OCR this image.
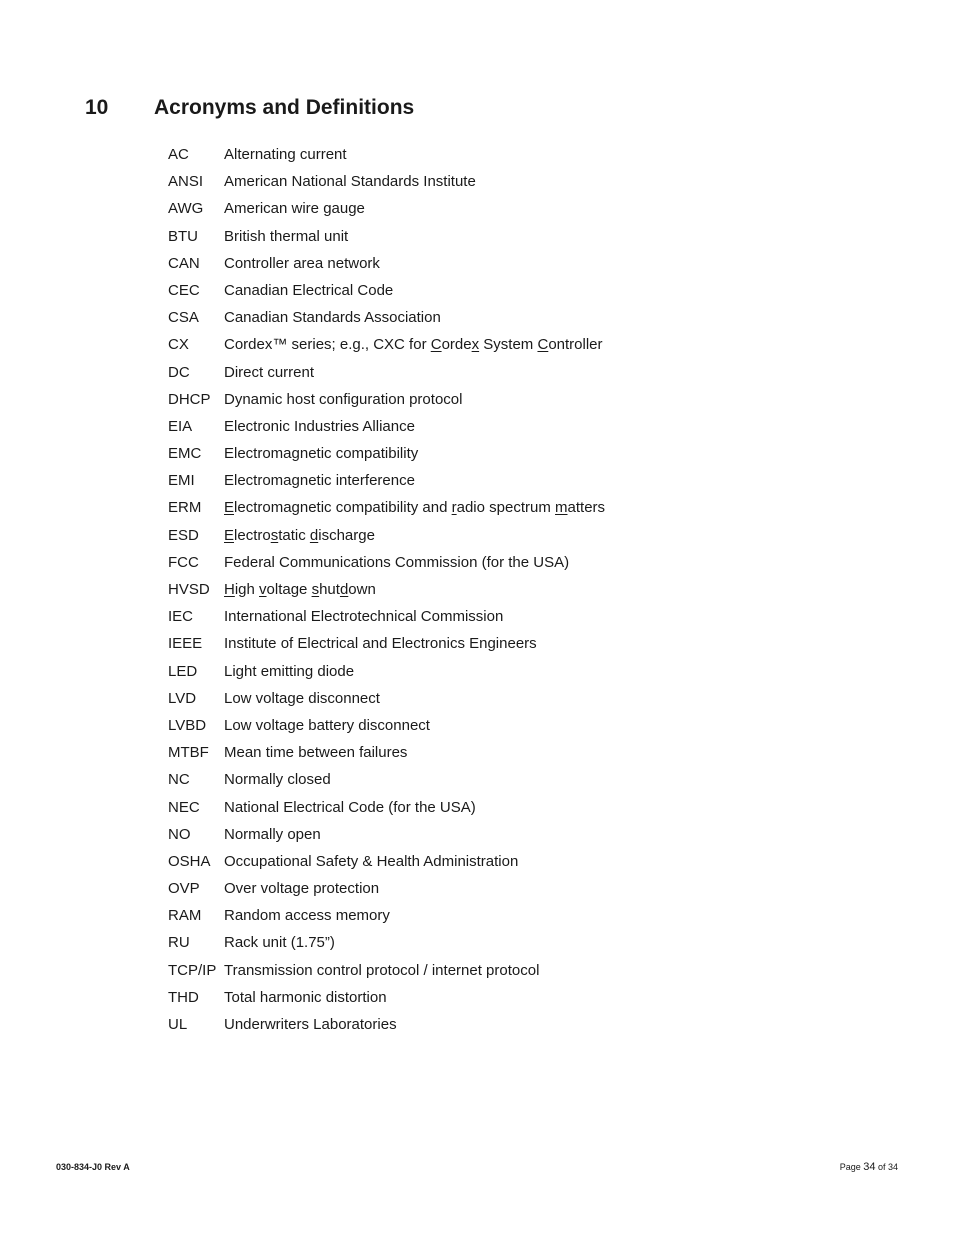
10	Acronyms and Definitions
AC	Alternating current
ANSI	American National Standards Institute
AWG	American wire gauge
BTU	British thermal unit
CAN	Controller area network
CEC	Canadian Electrical Code
CSA	Canadian Standards Association
CX	Cordex™ series; e.g., CXC for Cordex System Controller
DC	Direct current
DHCP Dynamic host configuration protocol
EIA	Electronic Industries Alliance
EMC	Electromagnetic compatibility
EMI	Electromagnetic interference
ERM	Electromagnetic compatibility and radio spectrum matters
ESD	Electrostatic discharge
FCC	Federal Communications Commission (for the USA)
HVSD High voltage shutdown
IEC	International Electrotechnical Commission
IEEE	Institute of Electrical and Electronics Engineers
LED	Light emitting diode
LVD	Low voltage disconnect
LVBD	Low voltage battery disconnect
MTBF	Mean time between failures
NC	Normally closed
NEC	National Electrical Code (for the USA)
NO	Normally open
OSHA Occupational Safety & Health Administration
OVP	Over voltage protection
RAM	Random access memory
RU	Rack unit (1.75”)
TCP/IP Transmission control protocol / internet protocol
THD	Total harmonic distortion
UL	Underwriters Laboratories
030-834-J0 Rev A	Page 34 of 34
